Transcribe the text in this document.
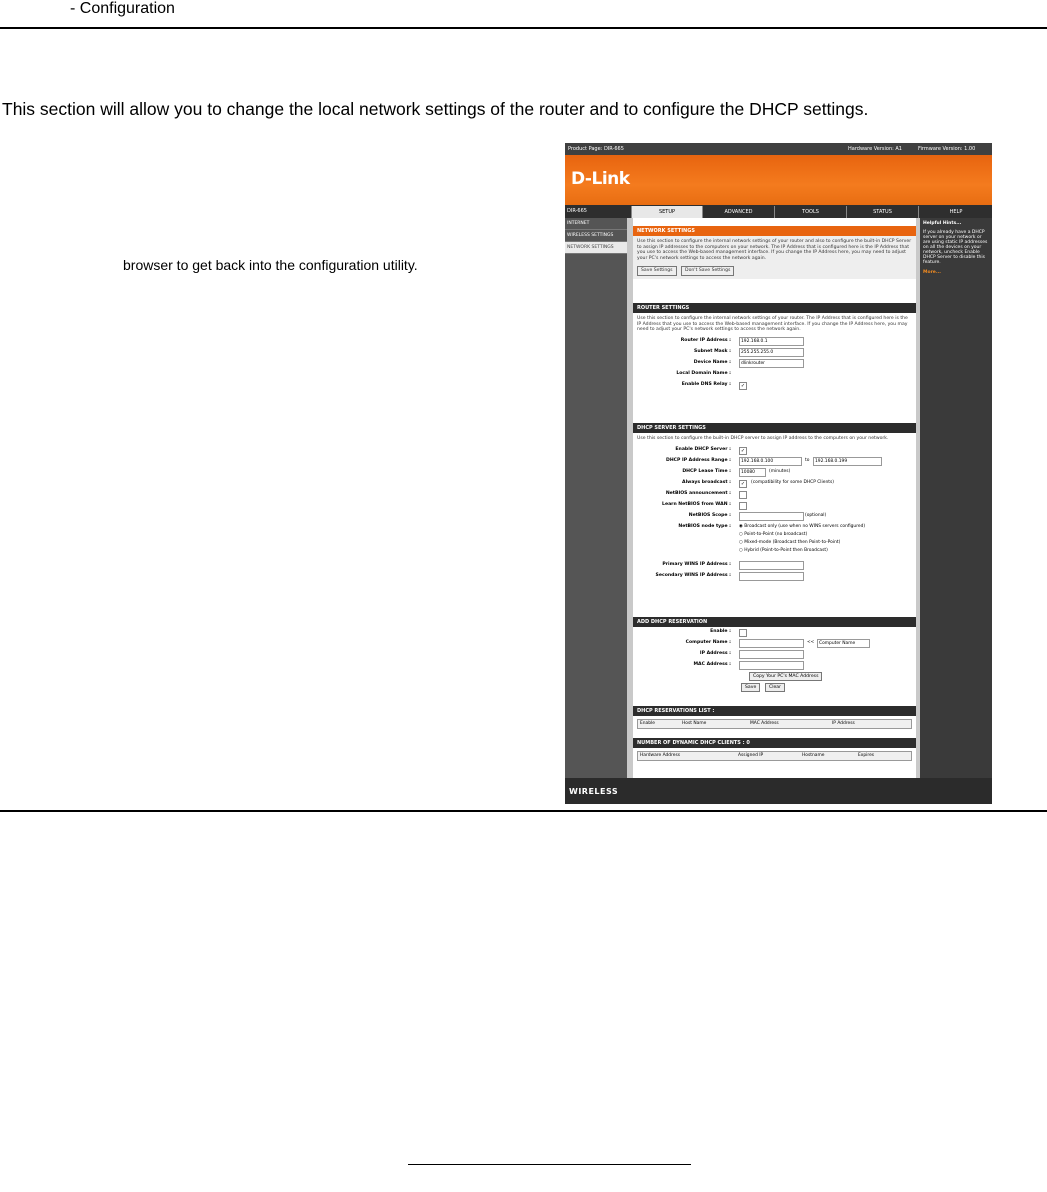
- Configuration
This section will allow you to change the local network settings of the router and to configure the DHCP settings.
browser to get back into the configuration utility.
Product Page: DIR-665	Hardware Version: A1	Firmware Version: 1.00
D-Link
DIR-665	SETUP	ADVANCED	TOOLS	STATUS	HELP
INTERNET
WIRELESS SETTINGS
NETWORK SETTINGS
NETWORK SETTINGS
Use this section to configure the internal network settings of your router and also to configure the built-in DHCP Server to assign IP addresses to the computers on your network. The IP Address that is configured here is the IP Address that you use to access the Web-based management interface. If you change the IP Address here, you may need to adjust your PC's network settings to access the network again.
Save Settings	Don't Save Settings
ROUTER SETTINGS
Use this section to configure the internal network settings of your router. The IP Address that is configured here is the IP Address that you use to access the Web-based management interface. If you change the IP Address here, you may need to adjust your PC's network settings to access the network again.
Router IP Address :	192.168.0.1
Subnet Mask :	255.255.255.0
Device Name :	dlinkrouter
Local Domain Name :
Enable DNS Relay :	✓
DHCP SERVER SETTINGS
Use this section to configure the built-in DHCP server to assign IP address to the computers on your network.
Enable DHCP Server :	✓
DHCP IP Address Range :	192.168.0.100	to	192.168.0.199
DHCP Lease Time :	10080	(minutes)
Always broadcast :	✓	(compatibility for some DHCP Clients)
NetBIOS announcement :
Learn NetBIOS from WAN :
NetBIOS Scope :	(optional)
NetBIOS node type : ◉ Broadcast only (use when no WINS servers configured)
○ Point-to-Point (no broadcast)
○ Mixed-mode (Broadcast then Point-to-Point)
○ Hybrid (Point-to-Point then Broadcast)
Primary WINS IP Address :
Secondary WINS IP Address :
ADD DHCP RESERVATION
Enable :
Computer Name :	<<	Computer Name
IP Address :
MAC Address :
Copy Your PC's MAC Address
Save	Clear
DHCP RESERVATIONS LIST :
Enable	Host Name	MAC Address	IP Address
NUMBER OF DYNAMIC DHCP CLIENTS : 0
Hardware Address	Assigned IP	Hostname	Expires
Helpful Hints...
If you already have a DHCP server on your network or are using static IP addresses on all the devices on your network, uncheck Enable DHCP Server to disable this feature.
More...
WIRELESS
